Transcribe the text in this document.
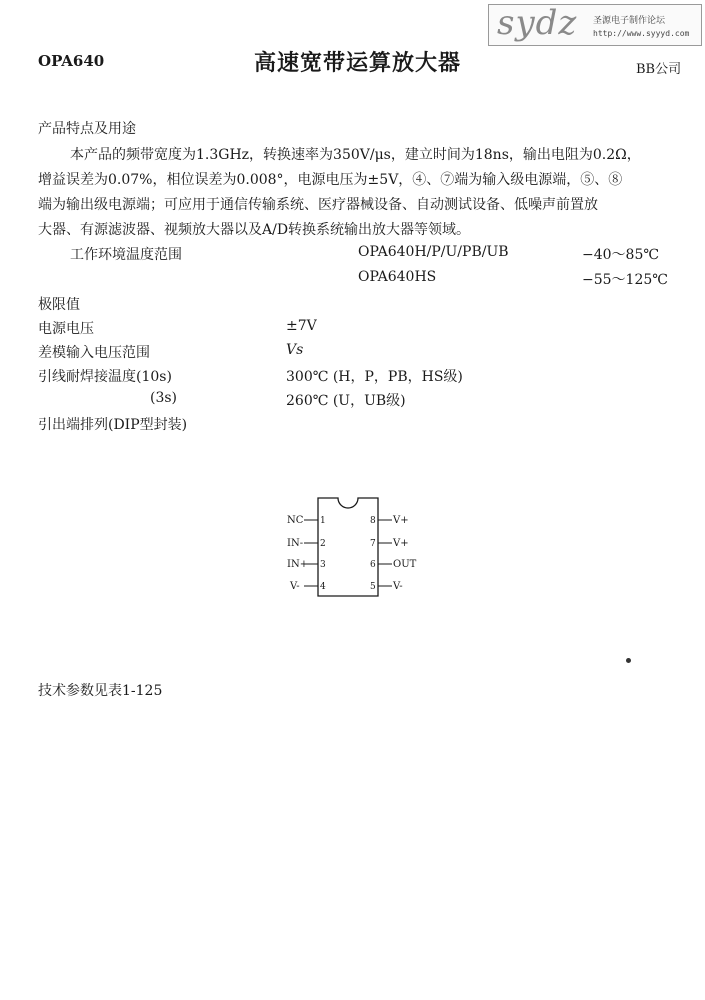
sydz 圣源电子制作论坛
http://www.syyyd.com
OPA640	高速宽带运算放大器	BB公司
产品特点及用途
本产品的频带宽度为1.3GHz，转换速率为350V/μs，建立时间为18ns，输出电阻为0.2Ω，
增益误差为0.07%，相位误差为0.008°，电源电压为±5V，④、⑦端为输入级电源端，⑤、⑧
端为输出级电源端；可应用于通信传输系统、医疗器械设备、自动测试设备、低噪声前置放
大器、有源滤波器、视频放大器以及A/D转换系统输出放大器等领域。
工作环境温度范围	OPA640H/P/U/PB/UB	−40～85℃
OPA640HS	−55～125℃
极限值
电源电压	±7V
差模输入电压范围	Vs
引线耐焊接温度(10s)	300℃ (H，P，PB，HS级)
(3s)	260℃ (U，UB级)
引出端排列(DIP型封装)
NC 1
IN- 2
IN+ 3
V- 4
8 V+
7 V+
6 OUT
5 V-
技术参数见表1-125
